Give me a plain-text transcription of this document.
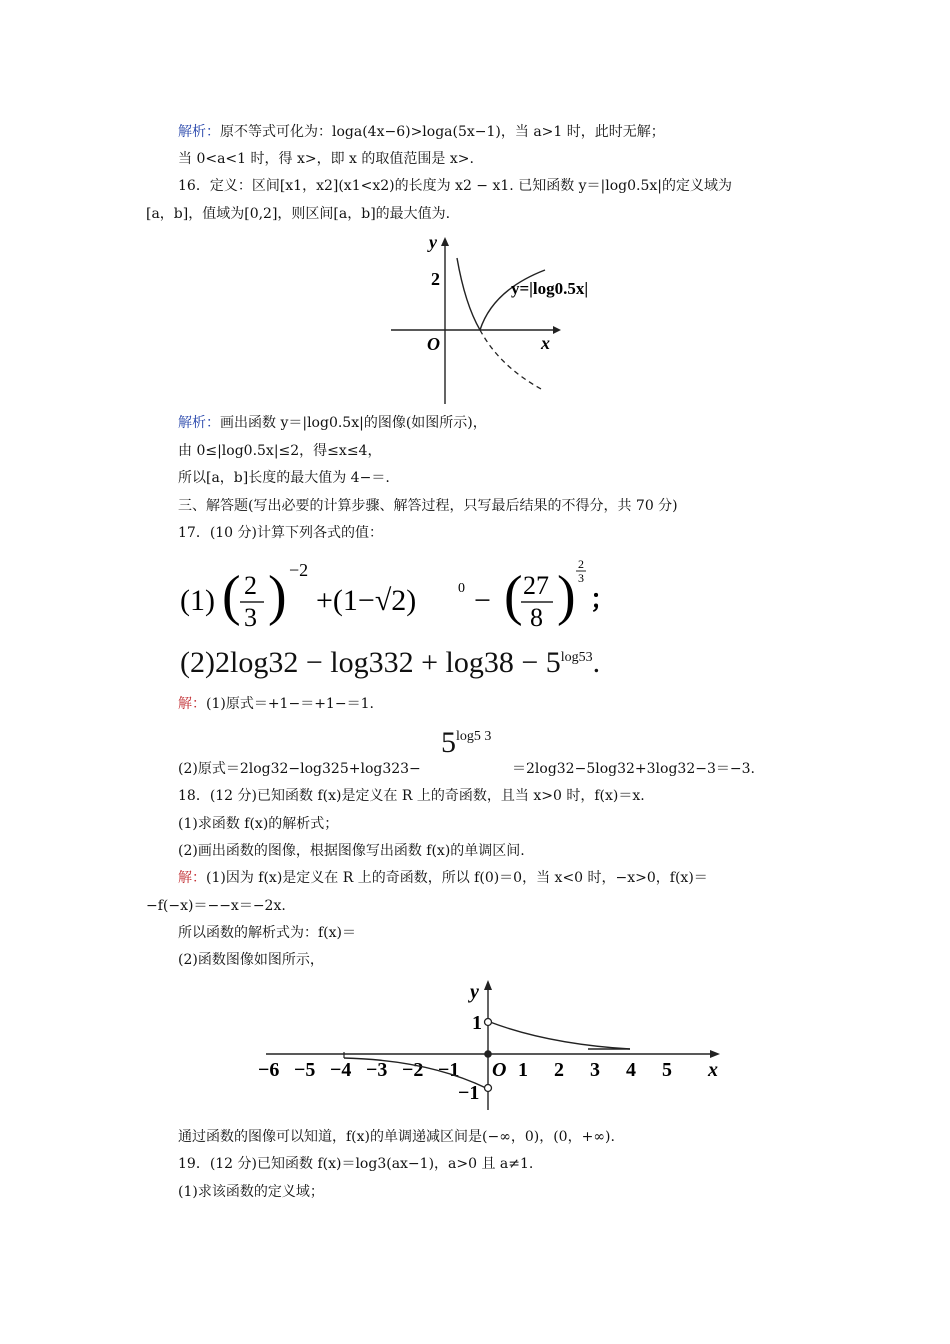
解析：原不等式可化为：loga(4x−6)>loga(5x−1)，当 a>1 时，此时无解；
当 0<a<1 时，得 x>，即 x 的取值范围是 x>.
16．定义：区间[x1，x2](x1<x2)的长度为 x2 − x1. 已知函数 y＝|log0.5x|的定义域为
[a，b]，值域为[0,2]，则区间[a，b]的最大值为.
y
x
O
2	y=|log0.5x|
解析：画出函数 y＝|log0.5x|的图像(如图所示)，
由 0≤|log0.5x|≤2，得≤x≤4，
所以[a，b]长度的最大值为 4−＝.
三、解答题(写出必要的计算步骤、解答过程，只写最后结果的不得分，共 70 分)
17．(10 分)计算下列各式的值：
(1) ( 2
3 ) −2
+(1−√2)	0 − ( 27
8 )
2
3
；
$(2)2\log 32 - \log 332 + \log 38 - 5^{log53}$.
解：(1)原式＝+1−＝+1−＝1.
(2)原式＝2log32−log325+log323−
$5^{log5 3}$
＝2log32−5log32+3log32−3＝−3.
18．(12 分)已知函数 f(x)是定义在 R 上的奇函数，且当 x>0 时，f(x)＝x.
(1)求函数 f(x)的解析式；
(2)画出函数的图像，根据图像写出函数 f(x)的单调区间.
解：(1)因为 f(x)是定义在 R 上的奇函数，所以 f(0)＝0，当 x<0 时，−x>0，f(x)＝
−f(−x)＝−−x＝−2x.
所以函数的解析式为：f(x)＝
(2)函数图像如图所示，
y
x
O
1
−1
−6 −5 −4 −3 −2 −1	1 2 3 4 5
通过函数的图像可以知道，f(x)的单调递减区间是(−∞，0)，(0，+∞).
19．(12 分)已知函数 f(x)＝log3(ax−1)，a>0 且 a≠1.
(1)求该函数的定义域；
